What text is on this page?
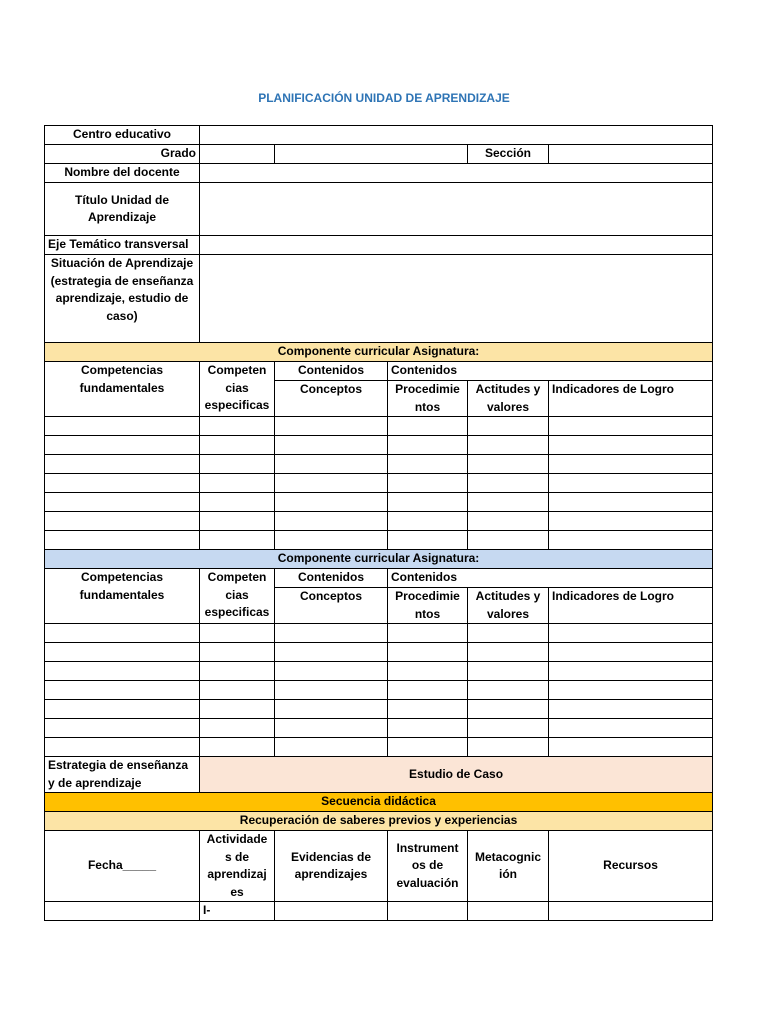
PLANIFICACIÓN UNIDAD DE APRENDIZAJE
Centro educativo					
Grado				Sección	
Nombre del docente					
Título Unidad de Aprendizaje					
Eje Temático transversal					
Situación de Aprendizaje (estrategia de enseñanza aprendizaje, estudio de caso)					
Componente curricular Asignatura:					
Competencias fundamentales	Competen cias especificas	Contenidos	Contenidos		
		Conceptos	Procedimie ntos	Actitudes y valores	Indicadores de Logro

Componente curricular Asignatura:					
Competencias fundamentales	Competen cias especificas	Contenidos	Contenidos		
		Conceptos	Procedimie ntos	Actitudes y valores	Indicadores de Logro

Estrategia de enseñanza y de aprendizaje	Estudio de Caso				
Secuencia didáctica					
Recuperación de saberes previos y experiencias					
Fecha_____	Actividade s de aprendizaj es	Evidencias de aprendizajes	Instrument os de evaluación	Metacognic ión	Recursos
	I-				
